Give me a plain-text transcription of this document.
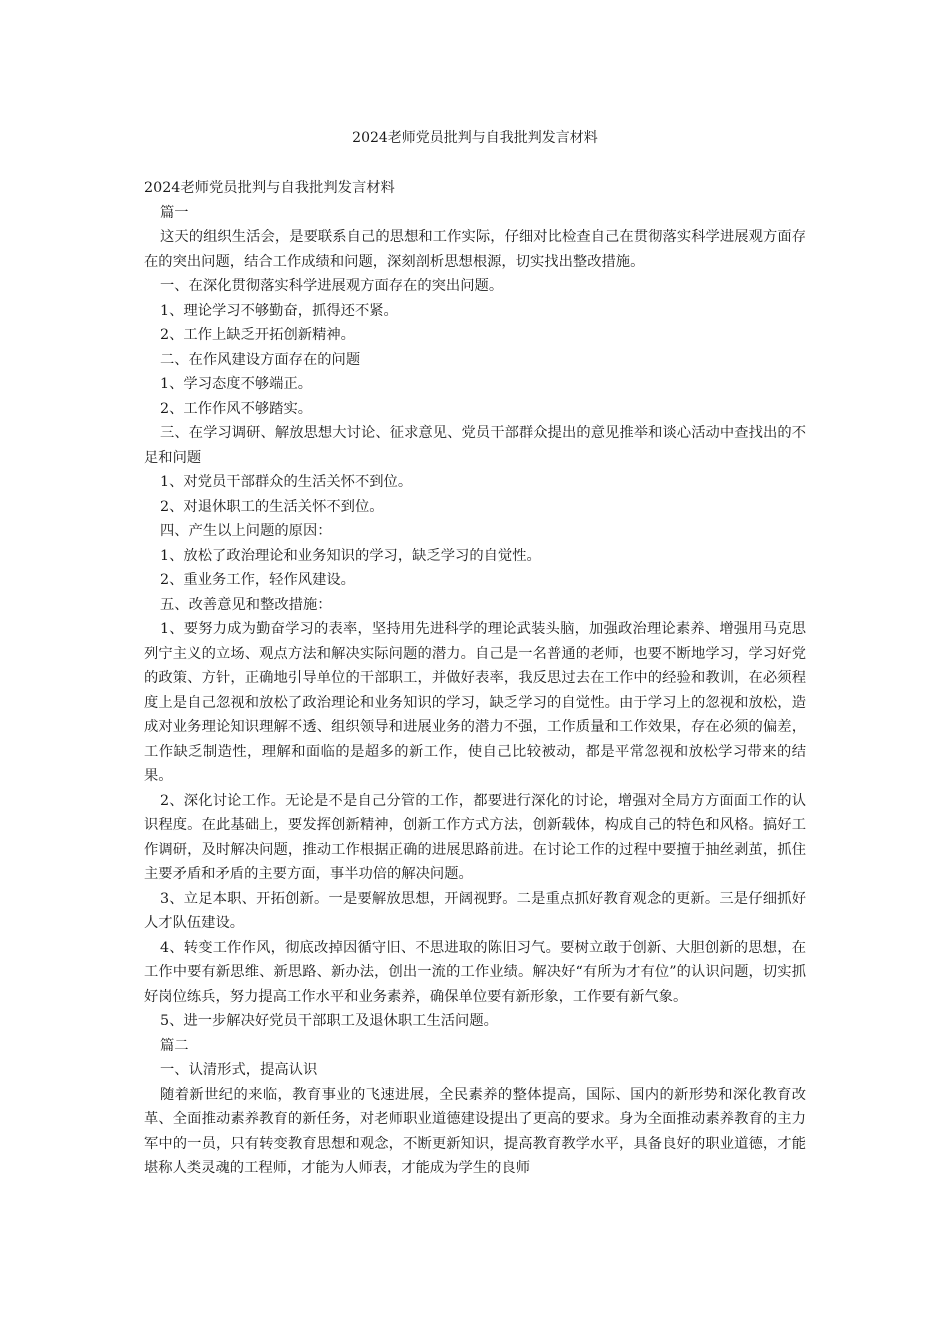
2024老师党员批判与自我批判发言材料

2024老师党员批判与自我批判发言材料

篇一

这天的组织生活会，是要联系自己的思想和工作实际，仔细对比检查自己在贯彻落实科学进展观方面存在的突出问题，结合工作成绩和问题，深刻剖析思想根源，切实找出整改措施。

一、在深化贯彻落实科学进展观方面存在的突出问题。

1、理论学习不够勤奋，抓得还不紧。

2、工作上缺乏开拓创新精神。

二、在作风建设方面存在的问题

1、学习态度不够端正。

2、工作作风不够踏实。

三、在学习调研、解放思想大讨论、征求意见、党员干部群众提出的意见推举和谈心活动中查找出的不足和问题

1、对党员干部群众的生活关怀不到位。

2、对退休职工的生活关怀不到位。

四、产生以上问题的原因：

1、放松了政治理论和业务知识的学习，缺乏学习的自觉性。

2、重业务工作，轻作风建设。

五、改善意见和整改措施：

1、要努力成为勤奋学习的表率，坚持用先进科学的理论武装头脑，加强政治理论素养、增强用马克思列宁主义的立场、观点方法和解决实际问题的潜力。自己是一名普通的老师，也要不断地学习，学习好党的政策、方针，正确地引导单位的干部职工，并做好表率，我反思过去在工作中的经验和教训，在必须程度上是自己忽视和放松了政治理论和业务知识的学习，缺乏学习的自觉性。由于学习上的忽视和放松，造成对业务理论知识理解不透、组织领导和进展业务的潜力不强，工作质量和工作效果，存在必须的偏差，工作缺乏制造性，理解和面临的是超多的新工作，使自己比较被动，都是平常忽视和放松学习带来的结果。

2、深化讨论工作。无论是不是自己分管的工作，都要进行深化的讨论，增强对全局方方面面工作的认识程度。在此基础上，要发挥创新精神，创新工作方式方法，创新载体，构成自己的特色和风格。搞好工作调研，及时解决问题，推动工作根据正确的进展思路前进。在讨论工作的过程中要擅于抽丝剥茧，抓住主要矛盾和矛盾的主要方面，事半功倍的解决问题。

3、立足本职、开拓创新。一是要解放思想，开阔视野。二是重点抓好教育观念的更新。三是仔细抓好人才队伍建设。

4、转变工作作风，彻底改掉因循守旧、不思进取的陈旧习气。要树立敢于创新、大胆创新的思想，在工作中要有新思维、新思路、新办法，创出一流的工作业绩。解决好“有所为才有位”的认识问题，切实抓好岗位练兵，努力提高工作水平和业务素养，确保单位要有新形象，工作要有新气象。

5、进一步解决好党员干部职工及退休职工生活问题。

篇二

一、认清形式，提高认识

随着新世纪的来临，教育事业的飞速进展，全民素养的整体提高，国际、国内的新形势和深化教育改革、全面推动素养教育的新任务，对老师职业道德建设提出了更高的要求。身为全面推动素养教育的主力军中的一员，只有转变教育思想和观念，不断更新知识，提高教育教学水平，具备良好的职业道德，才能堪称人类灵魂的工程师，才能为人师表，才能成为学生的良师
